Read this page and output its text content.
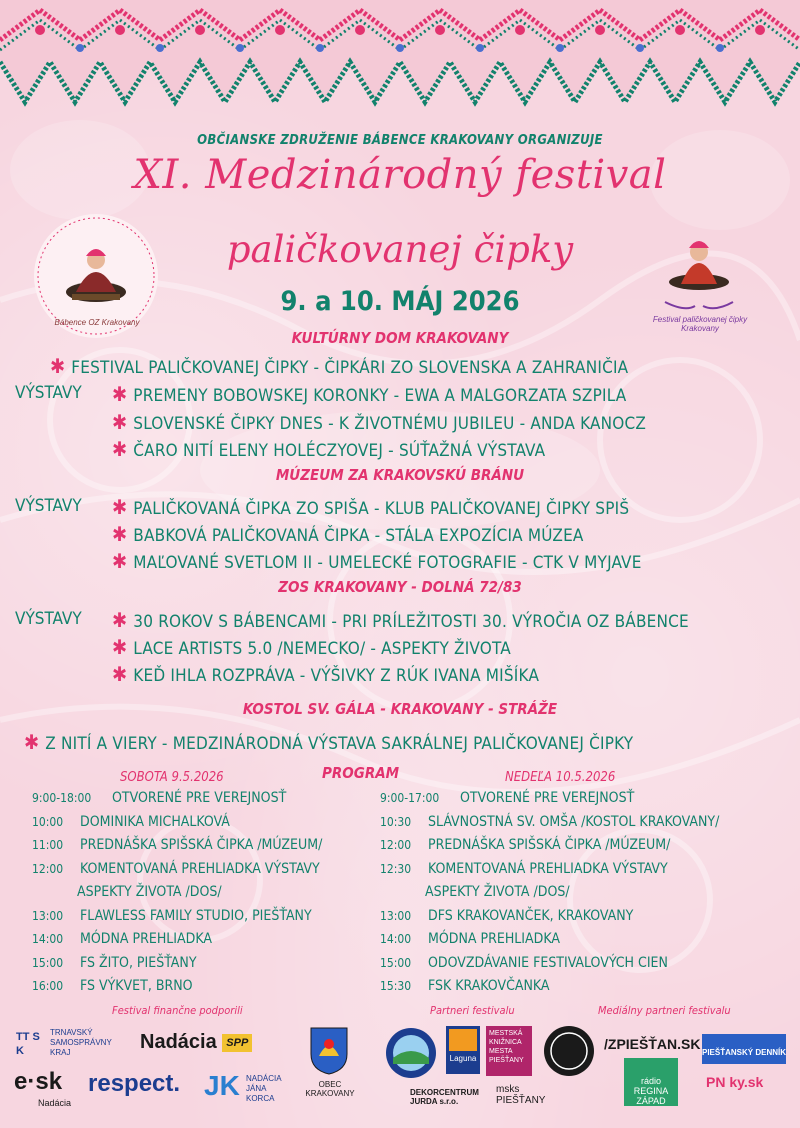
OBČIANSKE ZDRUŽENIE BÁBENCE KRAKOVANY ORGANIZUJE
XI. Medzinárodný festival
Bábence OZ Krakovany	Festival paličkovanej čipky Krakovany
paličkovanej čipky
9. a 10. MÁJ 2026
KULTÚRNY DOM KRAKOVANY
✱ FESTIVAL PALIČKOVANEJ ČIPKY - ČIPKÁRI ZO SLOVENSKA A ZAHRANIČIA
VÝSTAVY ✱ PREMENY BOBOWSKEJ KORONKY - EWA A MALGORZATA SZPILA
✱ SLOVENSKÉ ČIPKY DNES - K ŽIVOTNÉMU JUBILEU - ANDA KANOCZ
✱ ČARO NITÍ ELENY HOLÉCZYOVEJ - SÚŤAŽNÁ VÝSTAVA
MÚZEUM ZA KRAKOVSKÚ BRÁNU
VÝSTAVY ✱ PALIČKOVANÁ ČIPKA ZO SPIŠA - KLUB PALIČKOVANEJ ČIPKY SPIŠ
✱ BABKOVÁ PALIČKOVANÁ ČIPKA - STÁLA EXPOZÍCIA MÚZEA
✱ MAĽOVANÉ SVETLOM II - UMELECKÉ FOTOGRAFIE - CTK V MYJAVE
ZOS KRAKOVANY - DOLNÁ 72/83
VÝSTAVY ✱ 30 ROKOV S BÁBENCAMI - PRI PRÍLEŽITOSTI 30. VÝROČIA OZ BÁBENCE
✱ LACE ARTISTS 5.0 /NEMECKO/ - ASPEKTY ŽIVOTA
✱ KEĎ IHLA ROZPRÁVA - VÝŠIVKY Z RÚK IVANA MIŠÍKA
KOSTOL SV. GÁLA - KRAKOVANY - STRÁŽE
✱ Z NITÍ A VIERY - MEDZINÁRODNÁ VÝSTAVA SAKRÁLNEJ PALIČKOVANEJ ČIPKY
SOBOTA 9.5.2026	PROGRAM	NEDEĽA 10.5.2026
9:00-18:00 OTVORENÉ PRE VEREJNOSŤ
10:00 DOMINIKA MICHALKOVÁ
11:00 PREDNÁŠKA SPIŠSKÁ ČIPKA /MÚZEUM/
12:00 KOMENTOVANÁ PREHLIADKA VÝSTAVY
ASPEKTY ŽIVOTA /DOS/
13:00 FLAWLESS FAMILY STUDIO, PIEŠŤANY
14:00 MÓDNA PREHLIADKA
15:00 FS ŽITO, PIEŠŤANY
16:00 FS VÝKVET, BRNO
9:00-17:00 OTVORENÉ PRE VEREJNOSŤ
10:30 SLÁVNOSTNÁ SV. OMŠA /KOSTOL KRAKOVANY/
12:00 PREDNÁŠKA SPIŠSKÁ ČIPKA /MÚZEUM/
12:30 KOMENTOVANÁ PREHLIADKA VÝSTAVY
ASPEKTY ŽIVOTA /DOS/
13:00 DFS KRAKOVANČEK, KRAKOVANY
14:00 MÓDNA PREHLIADKA
15:00 ODOVZDÁVANIE FESTIVALOVÝCH CIEN
15:30 FSK KRAKOVČANKA
Festival finančne podporili	Partneri festivalu	Mediálny partneri festivalu
TT SK
TRNAVSKÝ
SAMOSPRÁVNY
KRAJ	Nadácia SPP
OBEC KRAKOVANY
e·sk
Nadácia
respect. JK NADÁCIA JÁNA KORCA
Laguna
MESTSKÁ KNIŽNICA MESTA PIEŠŤANY
DEKORCENTRUM JURDA s.r.o.
msks PIEŠŤANY
/ZPIEŠŤAN.SK
PIEŠŤANSKÝ DENNÍK
rádio REGINA ZÁPAD
PN ky.sk
